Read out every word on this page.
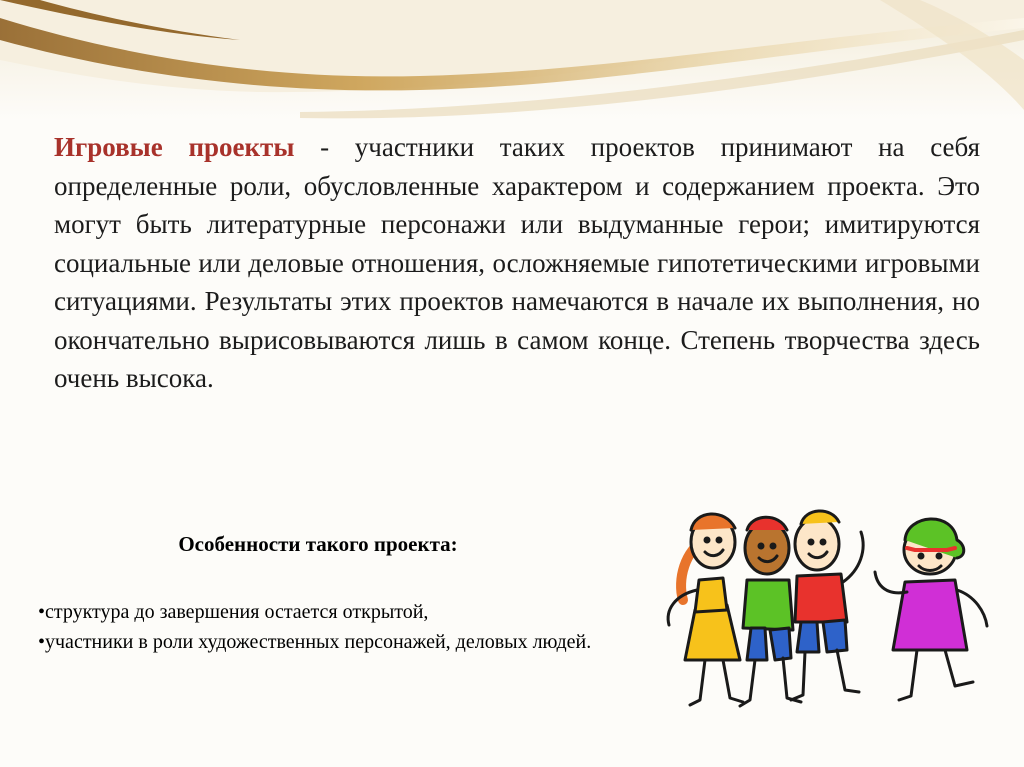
Игровые проекты - участники таких проектов принимают на себя определенные роли, обусловленные характером и содержанием проекта. Это могут быть литературные персонажи или выдуманные герои; имитируются социальные или деловые отношения, осложняемые гипотетическими игровыми ситуациями. Результаты этих проектов намечаются в начале их выполнения, но окончательно вырисовываются лишь в самом конце. Степень творчества здесь очень высока.

Особенности такого проекта:
•структура до завершения остается открытой,
•участники в роли художественных персонажей, деловых людей.
